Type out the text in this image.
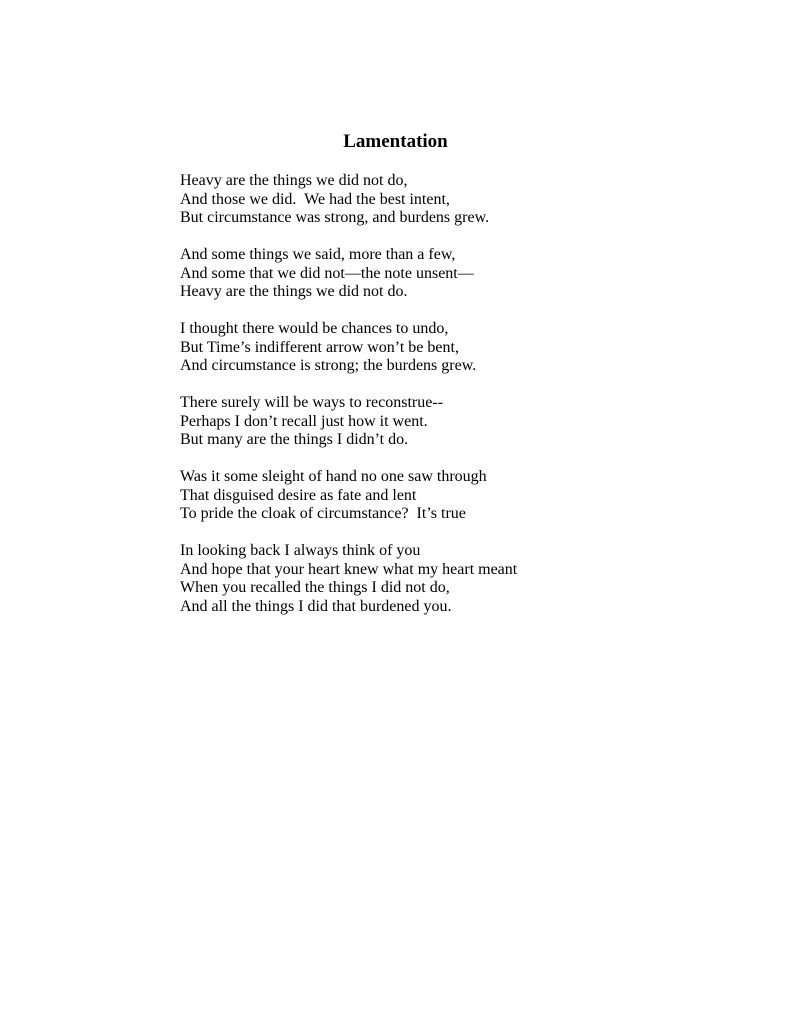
Lamentation
Heavy are the things we did not do,
And those we did.  We had the best intent,
But circumstance was strong, and burdens grew.
And some things we said, more than a few,
And some that we did not—the note unsent—
Heavy are the things we did not do.
I thought there would be chances to undo,
But Time’s indifferent arrow won’t be bent,
And circumstance is strong; the burdens grew.
There surely will be ways to reconstrue--
Perhaps I don’t recall just how it went.
But many are the things I didn’t do.
Was it some sleight of hand no one saw through
That disguised desire as fate and lent
To pride the cloak of circumstance?  It’s true
In looking back I always think of you
And hope that your heart knew what my heart meant
When you recalled the things I did not do,
And all the things I did that burdened you.
